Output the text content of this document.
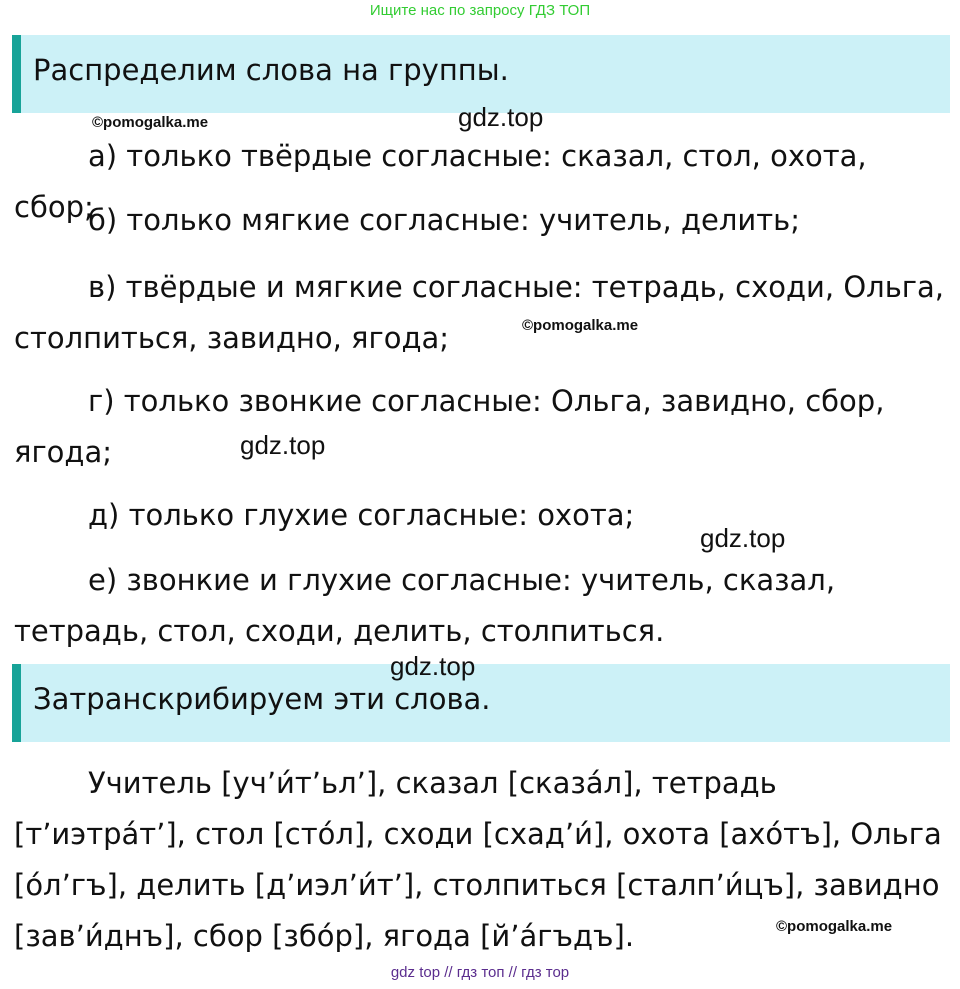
Ищите нас по запросу ГДЗ ТОП
Распределим слова на группы.
©pomogalka.me	gdz.top

а) только твёрдые согласные: сказал, стол, охота, сбор;

б) только мягкие согласные: учитель, делить;

в) твёрдые и мягкие согласные: тетрадь, сходи, Ольга, столпиться, завидно, ягода;	©pomogalka.me

г) только звонкие согласные: Ольга, завидно, сбор, ягода;	gdz.top

д) только глухие согласные: охота;

gdz.top

е) звонкие и глухие согласные: учитель, сказал, тетрадь, стол, сходи, делить, столпиться.

Затранскрибируем эти слова.
gdz.top

Учитель [уч’и́т’ьл’], сказал [сказа́л], тетрадь [т’иэтра́т’], стол [сто́л], сходи [схад’и́], охота [ахо́тъ], Ольга [о́л’гъ], делить [д’иэл’и́т’], столпиться [сталп’и́цъ], завидно [зав’и́днъ], сбор [збо́р], ягода [й’а́гъдъ].	©pomogalka.me
gdz top // гдз топ // гдз тор
